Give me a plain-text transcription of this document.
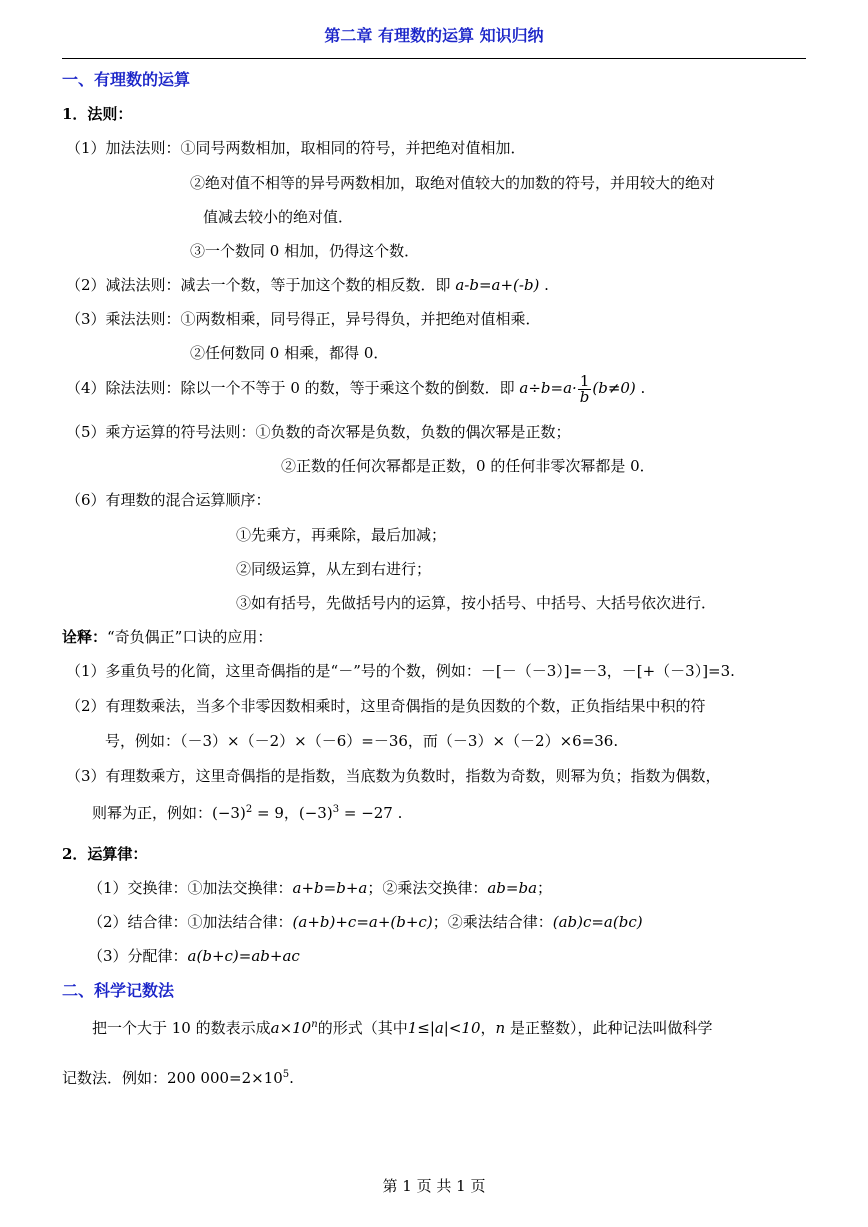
第二章 有理数的运算 知识归纳
一、有理数的运算
1．法则：
（1）加法法则：①同号两数相加，取相同的符号，并把绝对值相加．
②绝对值不相等的异号两数相加，取绝对值较大的加数的符号，并用较大的绝对
值减去较小的绝对值．
③一个数同 0 相加，仍得这个数．
（2）减法法则：减去一个数，等于加这个数的相反数．即 a-b=a+(-b) .
（3）乘法法则：①两数相乘，同号得正，异号得负，并把绝对值相乘．
②任何数同 0 相乘，都得 0．
（4）除法法则：除以一个不等于 0 的数，等于乘这个数的倒数．即 $a\div b=a\cdot \frac{1}{b}(b\ne 0)$ .
（5）乘方运算的符号法则：①负数的奇次幂是负数，负数的偶次幂是正数；
②正数的任何次幂都是正数，0 的任何非零次幂都是 0．
（6）有理数的混合运算顺序：
①先乘方，再乘除，最后加减；
②同级运算，从左到右进行；
③如有括号，先做括号内的运算，按小括号、中括号、大括号依次进行．
诠释：“奇负偶正”口诀的应用：
（1）多重负号的化简，这里奇偶指的是“－”号的个数，例如：－[－（－3）]=－3，－[+（－3）]=3.
（2）有理数乘法，当多个非零因数相乘时，这里奇偶指的是负因数的个数，正负指结果中积的符
号，例如：（－3）×（－2）×（－6）=－36，而（－3）×（－2）×6=36.
（3）有理数乘方，这里奇偶指的是指数，当底数为负数时，指数为奇数，则幂为负；指数为偶数，
则幂为正，例如：$(-3)^2 = 9$，$(-3)^3 = -27$ .
2．运算律：
（1）交换律：①加法交换律：a+b=b+a；②乘法交换律：ab=ba；
（2）结合律：①加法结合律：(a+b)+c=a+(b+c)；②乘法结合律：(ab)c=a(bc)
（3）分配律：a(b+c)=ab+ac
二、科学记数法
把一个大于 10 的数表示成$a\times 10^n$的形式（其中1≤|a|<10，n 是正整数），此种记法叫做科学
记数法．例如：200 $000=2\times 10^5$.
第 1 页 共 1 页
